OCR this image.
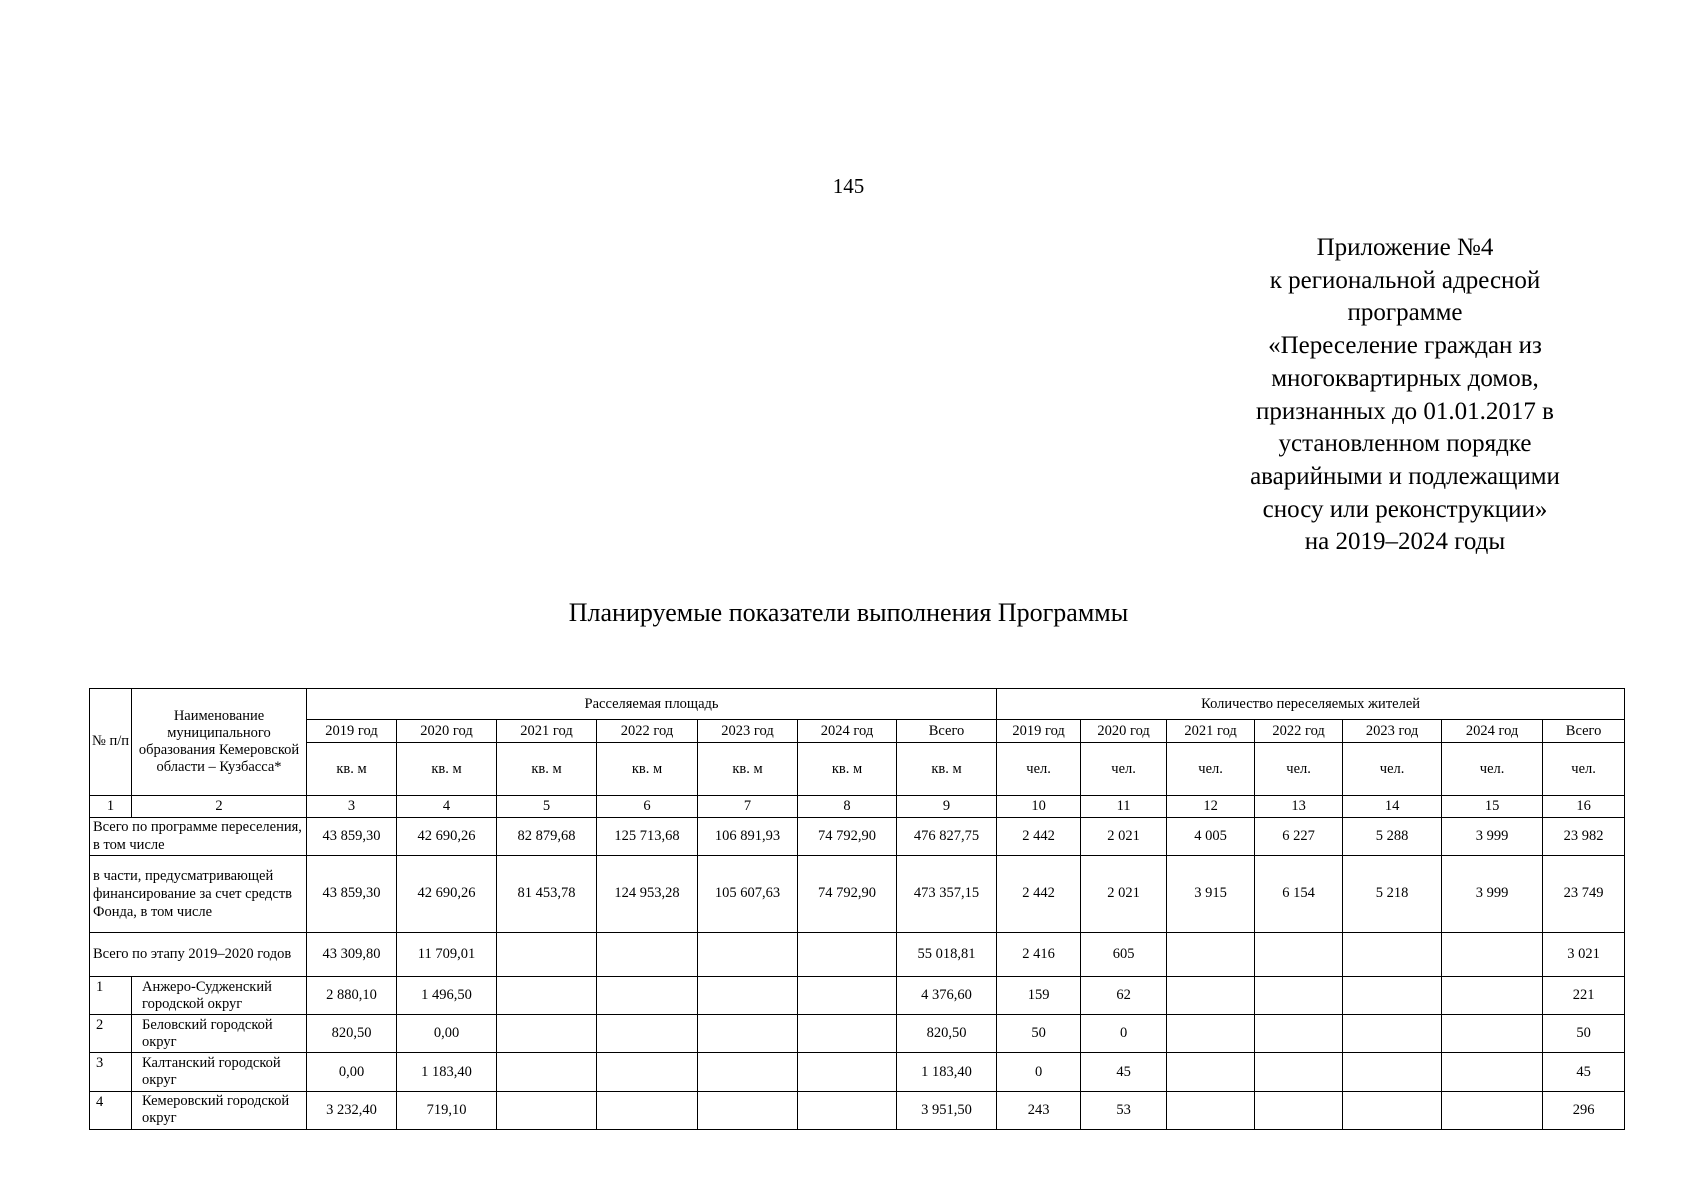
145
Приложение №4
к региональной адресной
программе
«Переселение граждан из
многоквартирных домов,
признанных до 01.01.2017 в
установленном порядке
аварийными и подлежащими
сносу или реконструкции»
на 2019–2024 годы
Планируемые показатели выполнения Программы
№ п/п	Наименование муниципального образования Кемеровской области – Кузбасса*	Расселяемая площадь							Количество переселяемых жителей						
		2019 год	2020 год	2021 год	2022 год	2023 год	2024 год	Всего	2019 год	2020 год	2021 год	2022 год	2023 год	2024 год	Всего
		кв. м	кв. м	кв. м	кв. м	кв. м	кв. м	кв. м	чел.	чел.	чел.	чел.	чел.	чел.	чел.
1	2	3	4	5	6	7	8	9	10	11	12	13	14	15	16
Всего по программе переселения, в том числе		43 859,30	42 690,26	82 879,68	125 713,68	106 891,93	74 792,90	476 827,75	2 442	2 021	4 005	6 227	5 288	3 999	23 982
в части, предусматривающей финансирование за счет средств Фонда, в том числе		43 859,30	42 690,26	81 453,78	124 953,28	105 607,63	74 792,90	473 357,15	2 442	2 021	3 915	6 154	5 218	3 999	23 749
Всего по этапу 2019–2020 годов		43 309,80	11 709,01					55 018,81	2 416	605					3 021
1	Анжеро-Судженский городской округ	2 880,10	1 496,50					4 376,60	159	62					221
2	Беловский городской округ	820,50	0,00					820,50	50	0					50
3	Калтанский городской округ	0,00	1 183,40					1 183,40	0	45					45
4	Кемеровский городской округ	3 232,40	719,10					3 951,50	243	53					296
